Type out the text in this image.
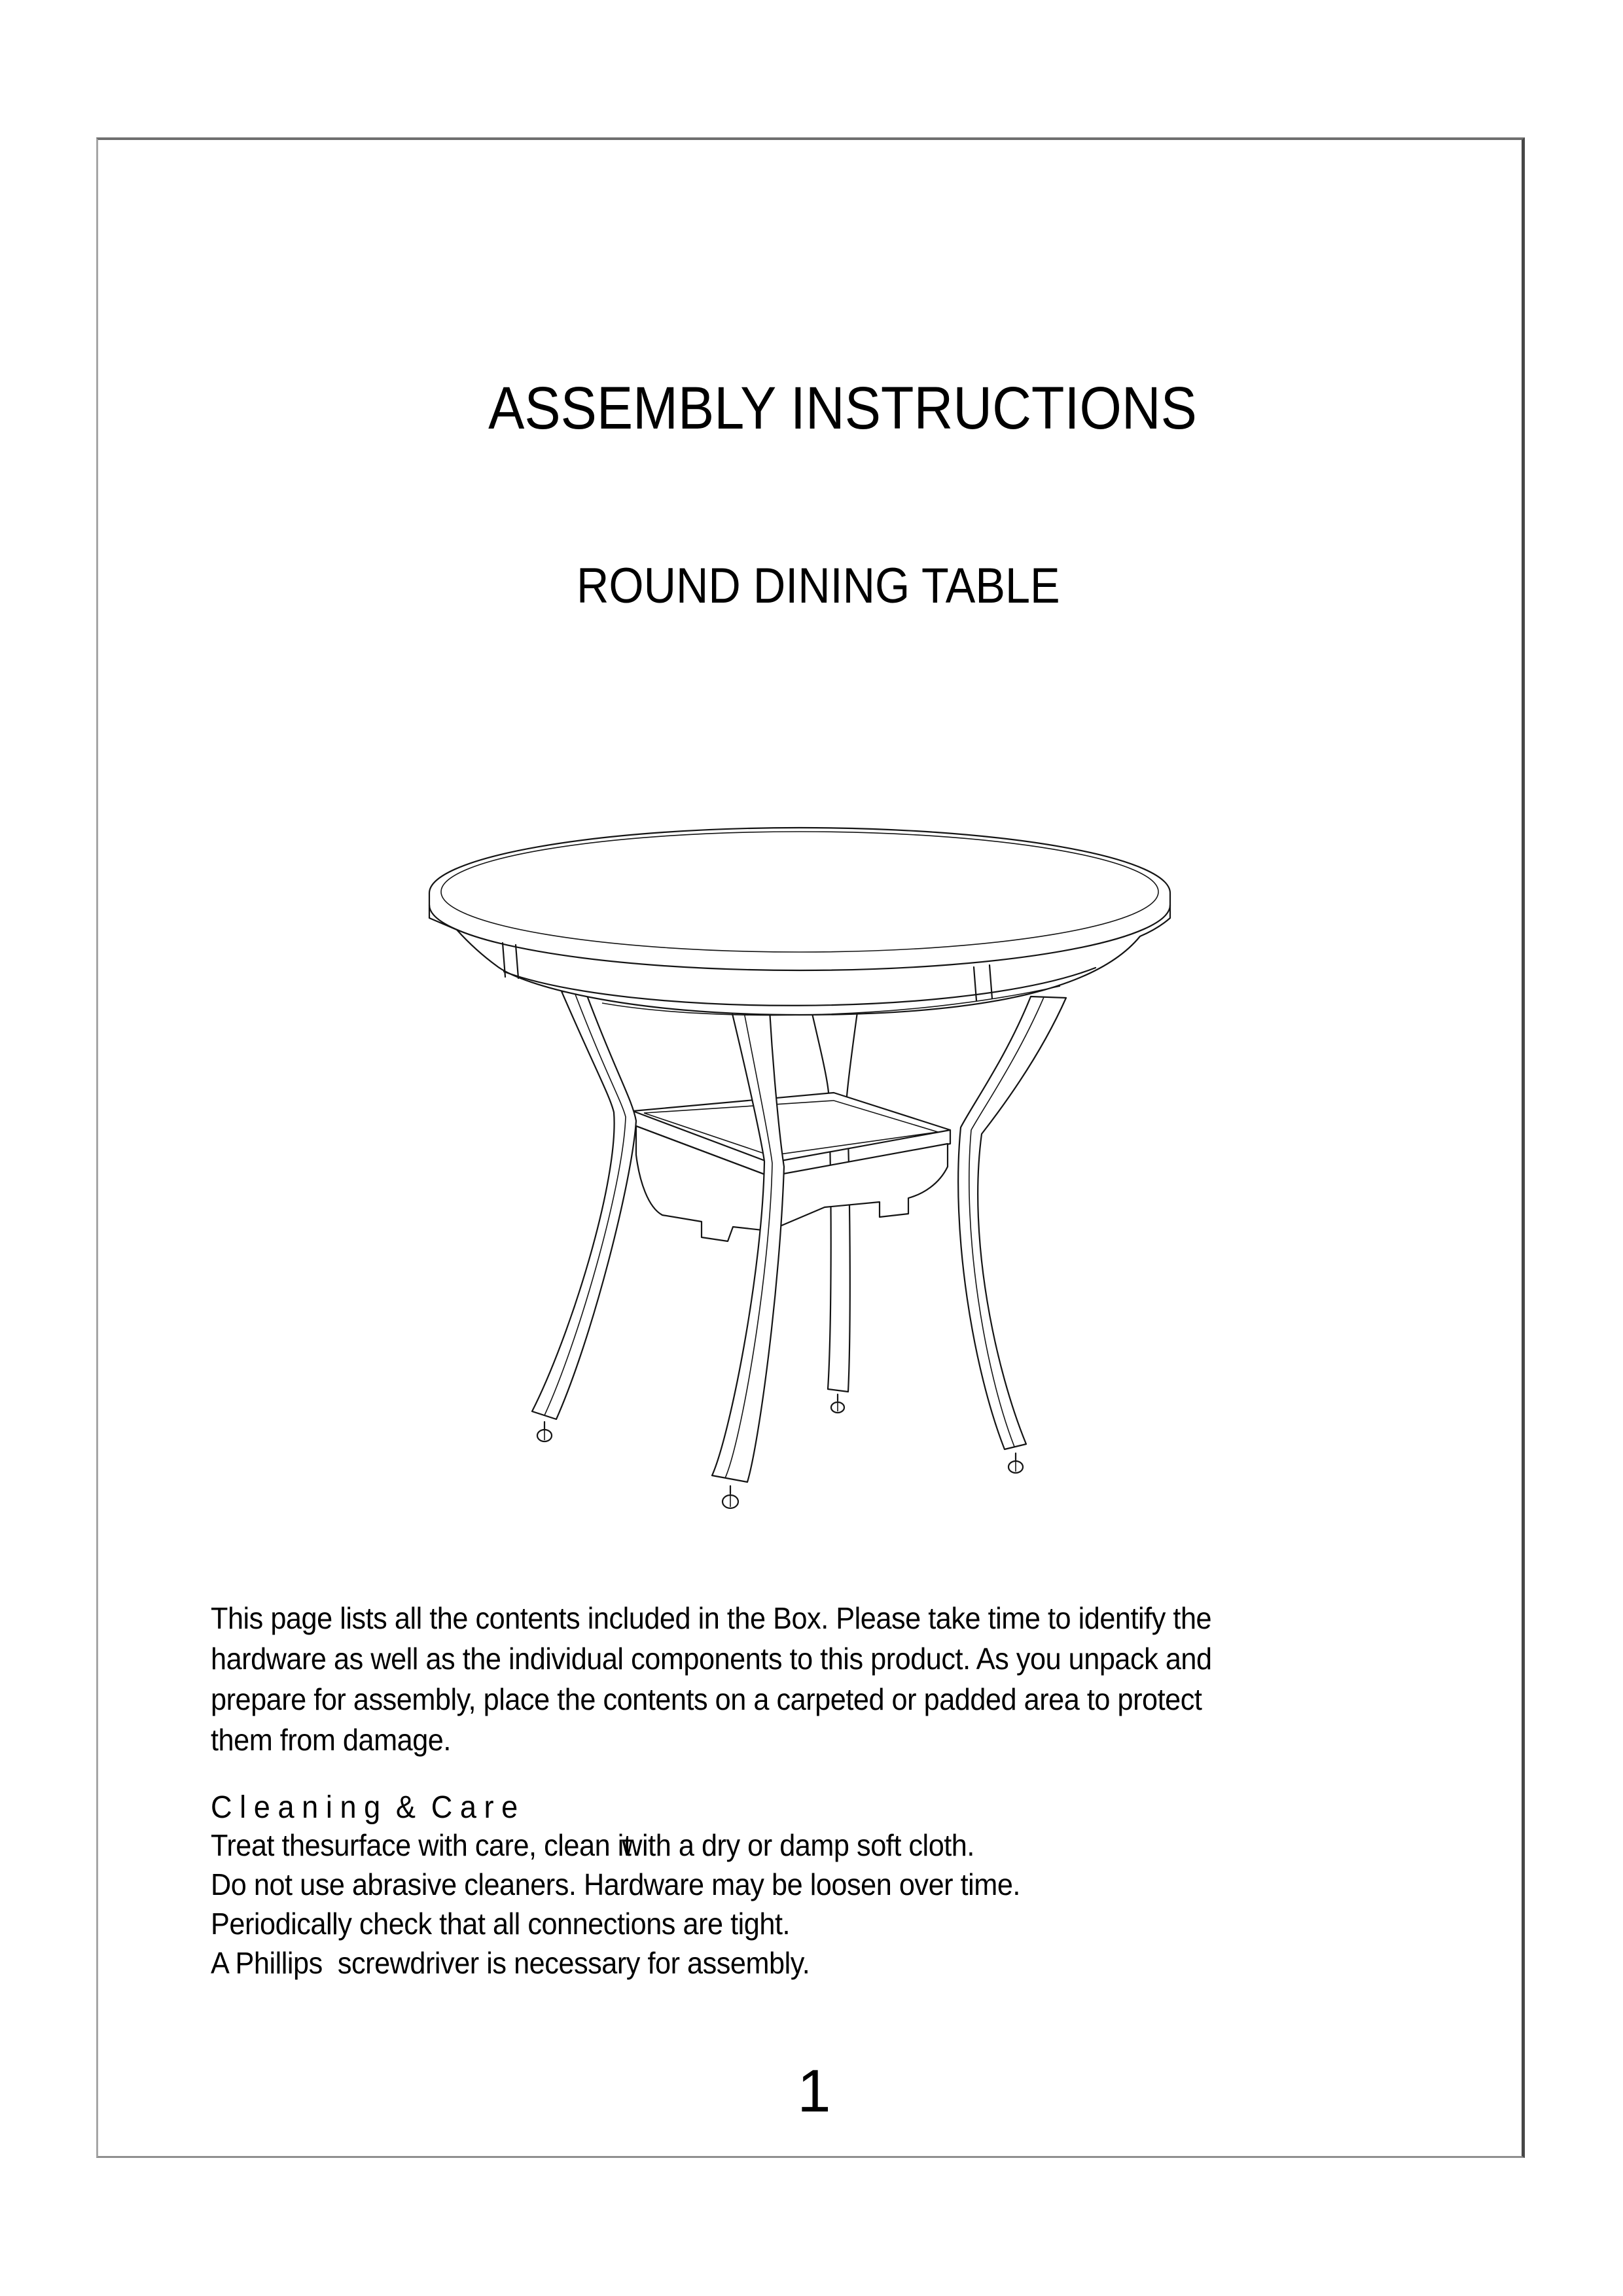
ASSEMBLY INSTRUCTIONS
ROUND DINING TABLE
This page lists all the contents included in the Box. Please take time to identify the
hardware as well as the individual components to this product. As you unpack and
prepare for assembly, place the contents on a carpeted or padded area to protect
them from damage.
C l e a n i n g  &  C a r e
Treat thesurface with care, clean itwith a dry or damp soft cloth.
Do not use abrasive cleaners. Hardware may be loosen over time.
Periodically check that all connections are tight.
A Phillips  screwdriver is necessary for assembly.
1
